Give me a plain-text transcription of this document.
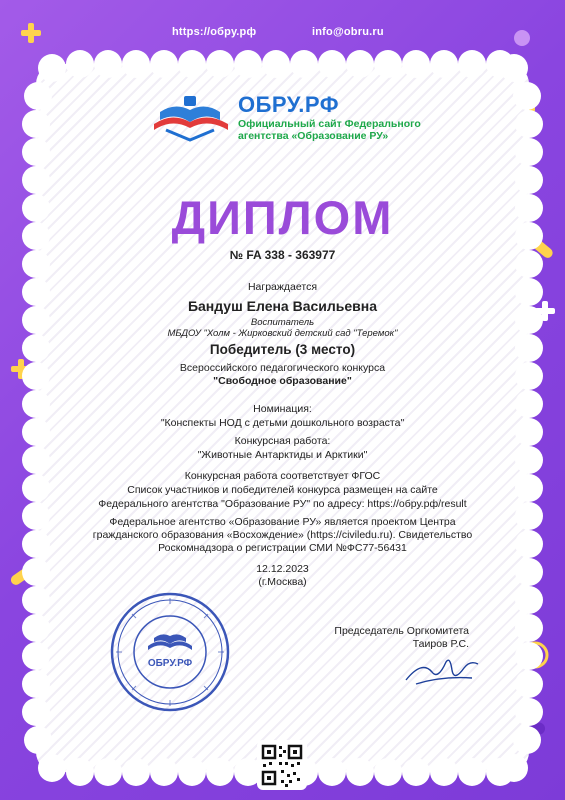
https://обру.рф	info@obru.ru
ОБРУ.РФ
Официальный сайт Федерального
агентства «Образование РУ»
ДИПЛОМ
№ FA 338 - 363977
Награждается
Бандуш Елена Васильевна
Воспитатель
МБДОУ "Холм - Жирковский детский сад "Теремок"
Победитель (3 место)
Всероссийского педагогического конкурса
"Свободное образование"
Номинация:
"Конспекты НОД с детьми дошкольного возраста"
Конкурсная работа:
"Животные Антарктиды и Арктики"
Конкурсная работа соответствует ФГОС
Список участников и победителей конкурса размещен на сайте
Федерального агентства "Образование РУ" по адресу: https://обру.рф/result
Федеральное агентство «Образование РУ» является проектом Центра
гражданского образования «Восхождение» (https://civiledu.ru). Свидетельство
Роскомнадзора о регистрации СМИ №ФС77-56431
12.12.2023
(г.Москва)
ОБРУ.РФ
Председатель Оргкомитета
Таиров Р.С.
